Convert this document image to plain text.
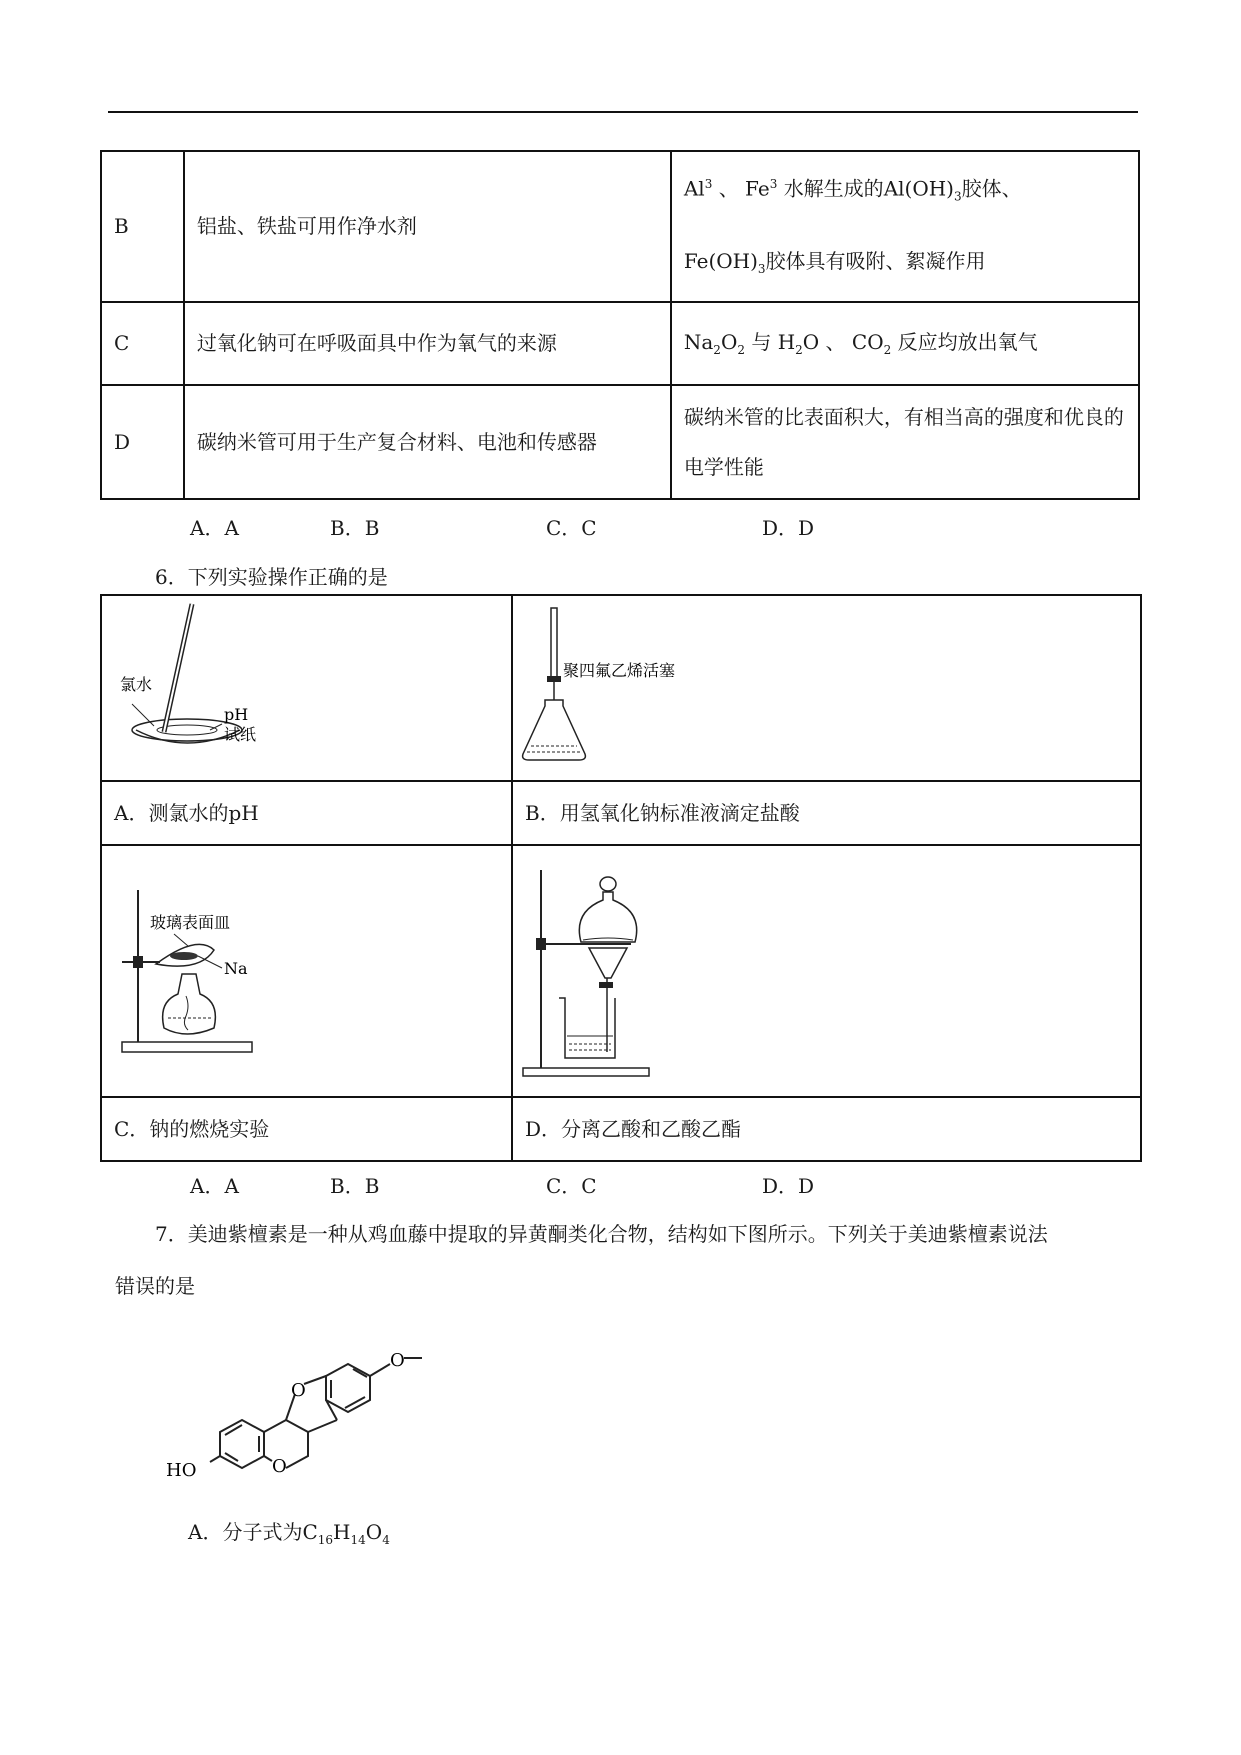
B	铝盐、铁盐可用作净水剂	Al$^3$ 、 Fe$^3$ 水解生成的$Al(OH)_3$胶体、
$Fe(OH)_3$胶体具有吸附、絮凝作用
C	过氧化钠可在呼吸面具中作为氧气的来源	$Na_2O_2$ 与 $H_2O$ 、 $CO_2$ 反应均放出氧气
D	碳纳米管可用于生产复合材料、电池和传感器	碳纳米管的比表面积大，有相当高的强度和优良的电学性能
A．A	B．B	C．C	D．D
6．下列实验操作正确的是
氯水
pH
试纸	聚四氟乙烯活塞

A．测氯水的pH	B．用氢氧化钠标准液滴定盐酸

玻璃表面皿
Na

C．钠的燃烧实验	D．分离乙酸和乙酸乙酯
A．A	B．B	C．C	D．D
7．美迪紫檀素是一种从鸡血藤中提取的异黄酮类化合物，结构如下图所示。下列关于美迪紫檀素说法
错误的是
O
O
HO
O
A．分子式为$C_{16}H_{14}O_4$
